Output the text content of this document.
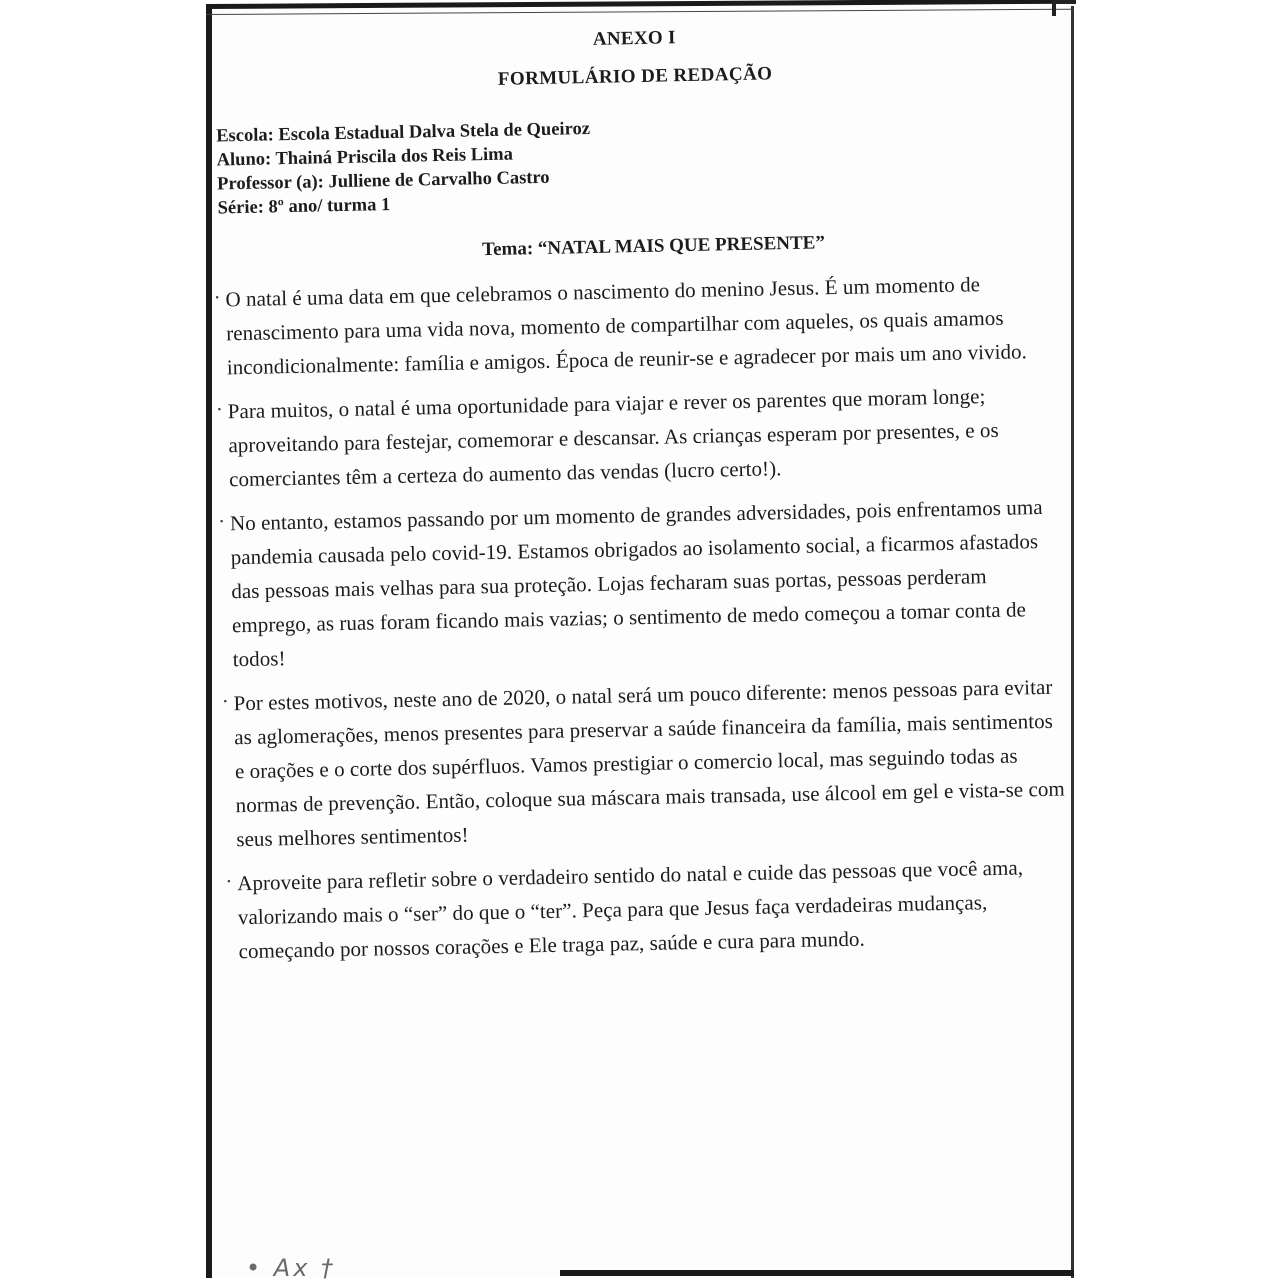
ANEXO I
FORMULÁRIO DE REDAÇÃO
Escola: Escola Estadual Dalva Stela de Queiroz
Aluno: Thainá Priscila dos Reis Lima
Professor (a): Julliene de Carvalho Castro
Série: 8º ano/ turma 1
Tema: “NATAL MAIS QUE PRESENTE”

· O natal é uma data em que celebramos o nascimento do menino Jesus. É um momento de renascimento para uma vida nova, momento de compartilhar com aqueles, os quais amamos incondicionalmente: família e amigos. Época de reunir-se e agradecer por mais um ano vivido.

· Para muitos, o natal é uma oportunidade para viajar e rever os parentes que moram longe; aproveitando para festejar, comemorar e descansar. As crianças esperam por presentes, e os comerciantes têm a certeza do aumento das vendas (lucro certo!).

· No entanto, estamos passando por um momento de grandes adversidades, pois enfrentamos uma pandemia causada pelo covid-19. Estamos obrigados ao isolamento social, a ficarmos afastados das pessoas mais velhas para sua proteção. Lojas fecharam suas portas, pessoas perderam emprego, as ruas foram ficando mais vazias; o sentimento de medo começou a tomar conta de todos!

· Por estes motivos, neste ano de 2020, o natal será um pouco diferente: menos pessoas para evitar as aglomerações, menos presentes para preservar a saúde financeira da família, mais sentimentos e orações e o corte dos supérfluos. Vamos prestigiar o comercio local, mas seguindo todas as normas de prevenção. Então, coloque sua máscara mais transada, use álcool em gel e vista-se com seus melhores sentimentos!

· Aproveite para refletir sobre o verdadeiro sentido do natal e cuide das pessoas que você ama, valorizando mais o “ser” do que o “ter”. Peça para que Jesus faça verdadeiras mudanças, começando por nossos corações e Ele traga paz, saúde e cura para mundo.

• Ax †
